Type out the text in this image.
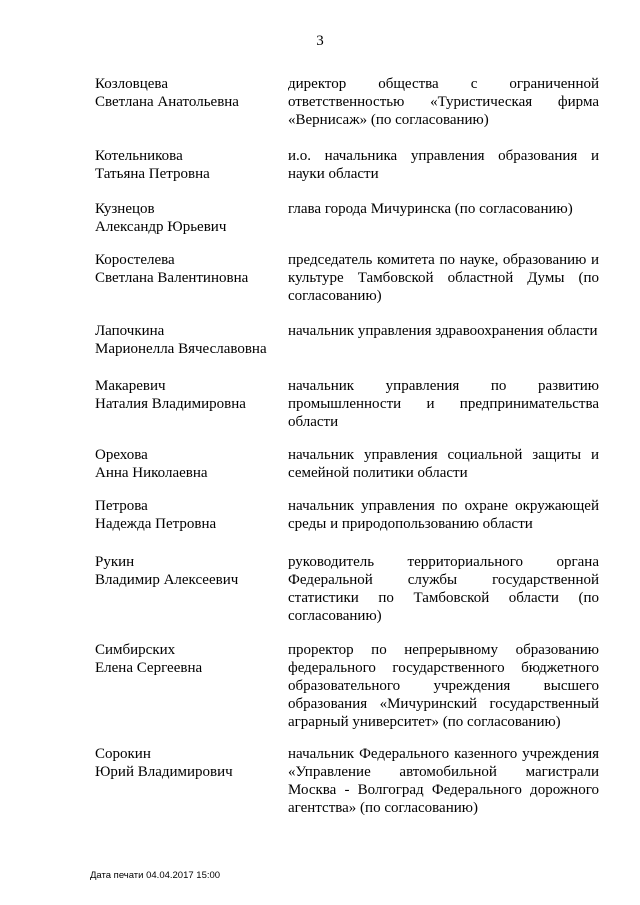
3
Козловцева
Светлана Анатольевна
директор общества с ограниченной ответственностью «Туристическая фирма «Вернисаж» (по согласованию)
Котельникова
Татьяна Петровна
и.о. начальника управления образования и науки области
Кузнецов
Александр Юрьевич
глава города Мичуринска (по согласованию)
Коростелева
Светлана Валентиновна
председатель комитета по науке, образованию и культуре Тамбовской областной Думы (по согласованию)
Лапочкина
Марионелла Вячеславовна
начальник управления здравоохранения области
Макаревич
Наталия Владимировна
начальник управления по развитию промышленности и предпринимательства области
Орехова
Анна Николаевна
начальник управления социальной защиты и семейной политики области
Петрова
Надежда Петровна
начальник управления по охране окружающей среды и природопользованию области
Рукин
Владимир Алексеевич
руководитель территориального органа Федеральной службы государственной статистики по Тамбовской области (по согласованию)
Симбирских
Елена Сергеевна
проректор по непрерывному образованию федерального государственного бюджетного образовательного учреждения высшего образования «Мичуринский государственный аграрный университет» (по согласованию)
Сорокин
Юрий Владимирович
начальник Федерального казенного учреждения «Управление автомобильной магистрали Москва - Волгоград Федерального дорожного агентства» (по согласованию)
Дата печати 04.04.2017 15:00
